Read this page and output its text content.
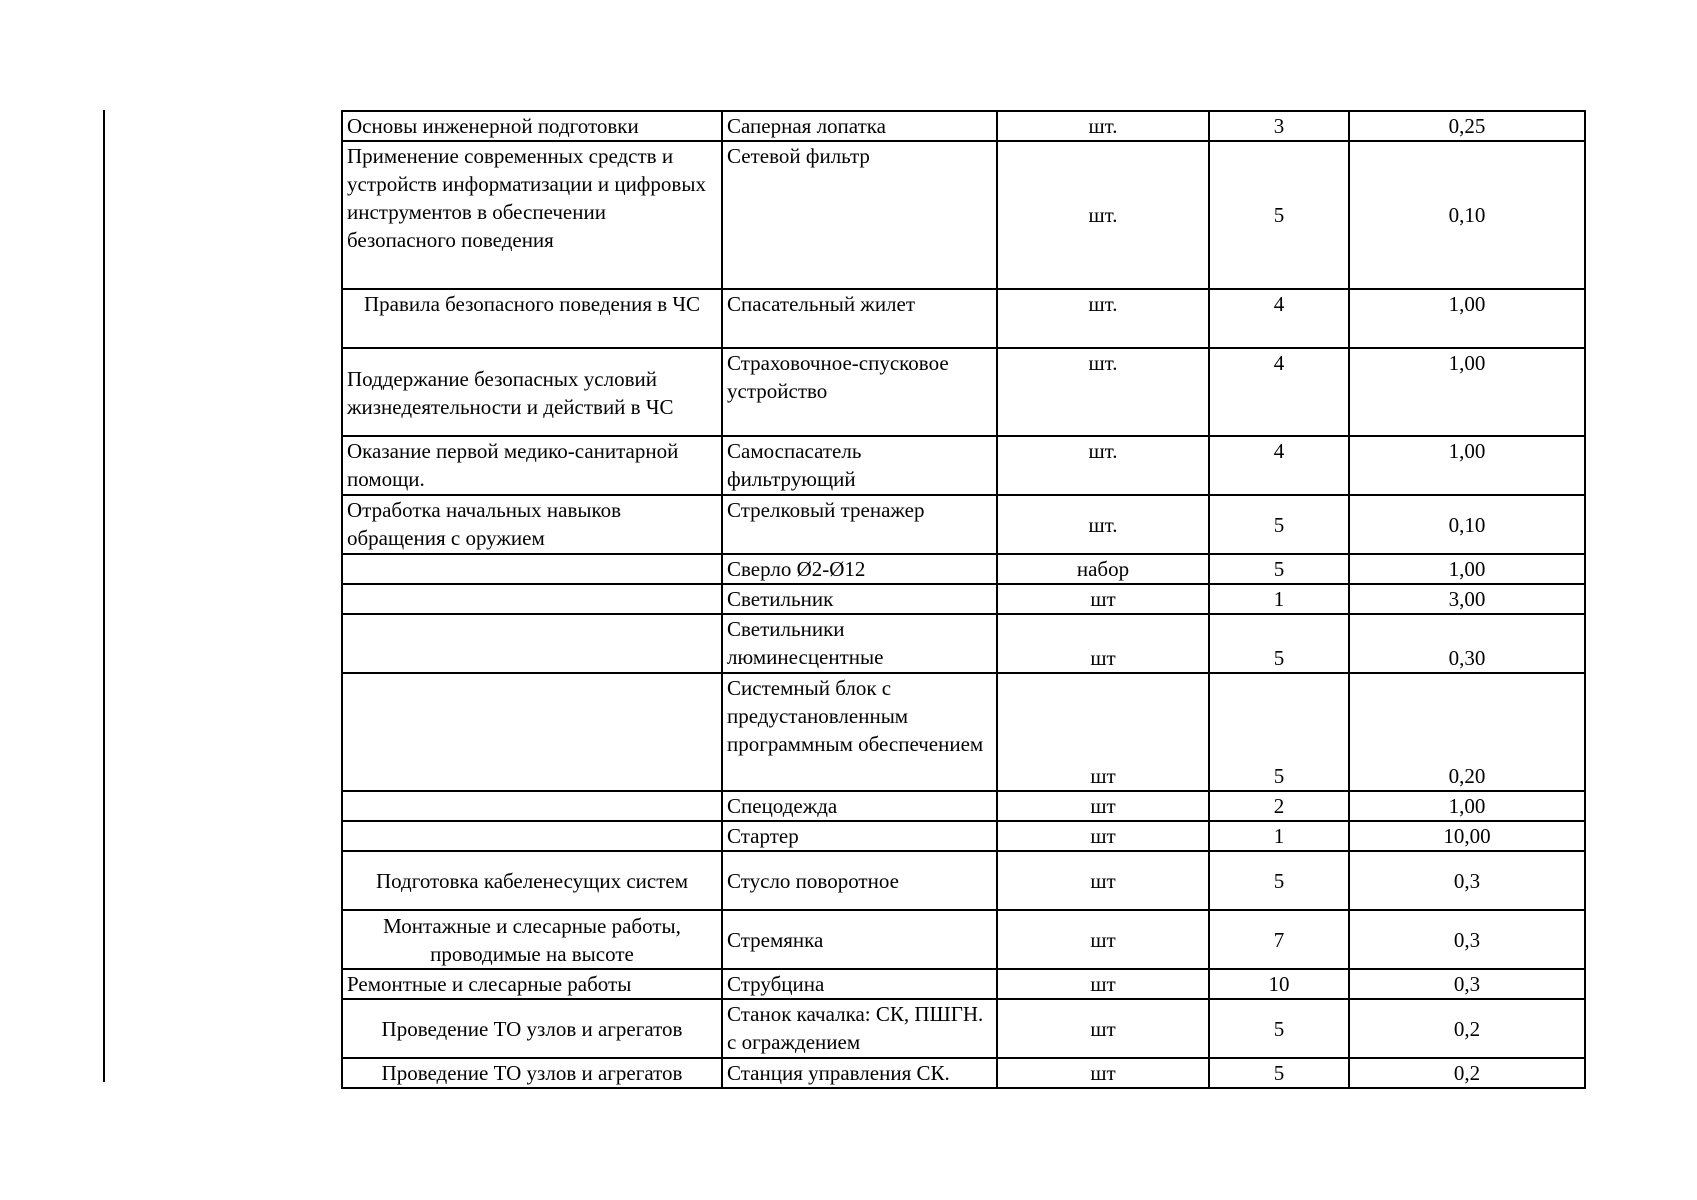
Основы инженерной подготовки	Саперная лопатка	шт.	3	0,25
Применение современных средств и устройств информатизации и цифровых инструментов в обеспечении безопасного поведения	Сетевой фильтр	шт.	5	0,10
Правила безопасного поведения в ЧС	Спасательный жилет	шт.	4	1,00
Поддержание безопасных условий жизнедеятельности и действий в ЧС	Страховочное-спусковое устройство	шт.	4	1,00
Оказание первой медико-санитарной помощи.	Самоспасатель фильтрующий	шт.	4	1,00
Отработка начальных навыков обращения с оружием	Стрелковый тренажер	шт.	5	0,10
	Сверло Ø2-Ø12	набор	5	1,00
	Светильник	шт	1	3,00
	Светильники люминесцентные	шт	5	0,30
	Системный блок с предустановленным программным обеспечением	шт	5	0,20
	Спецодежда	шт	2	1,00
	Стартер	шт	1	10,00
Подготовка кабеленесущих систем	Стусло поворотное	шт	5	0,3
Монтажные и слесарные работы, проводимые на высоте	Стремянка	шт	7	0,3
Ремонтные и слесарные работы	Струбцина	шт	10	0,3
Проведение ТО узлов и агрегатов	Станок качалка: СК, ПШГН. с ограждением	шт	5	0,2
Проведение ТО узлов и агрегатов	Станция управления СК.	шт	5	0,2
